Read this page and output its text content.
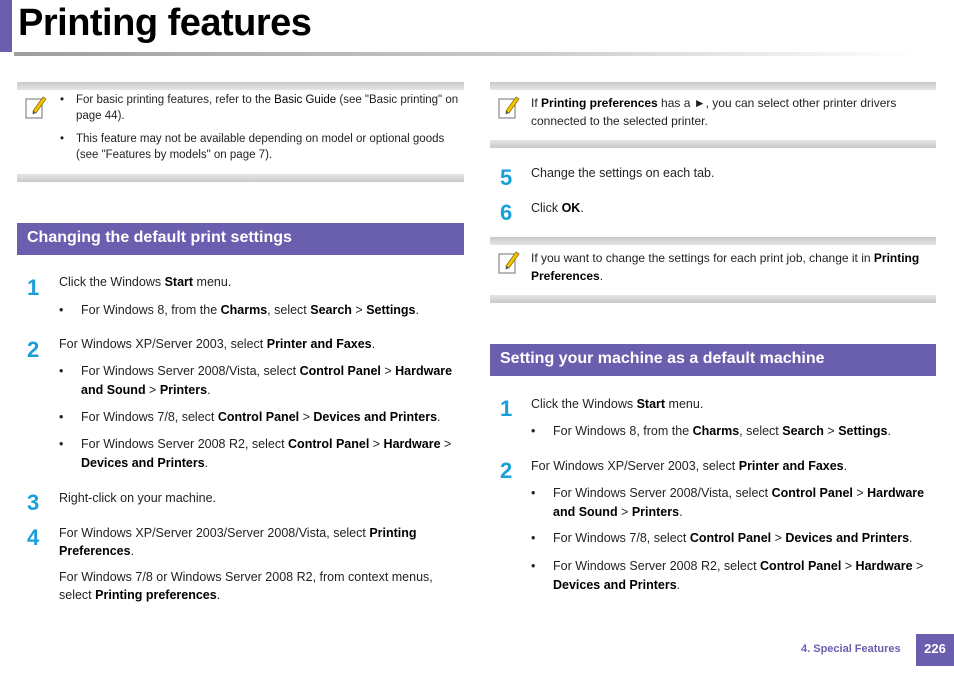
Printing features
• For basic printing features, refer to the Basic Guide (see "Basic printing" on page 44).
• This feature may not be available depending on model or optional goods (see "Features by models" on page 7).
Changing the default print settings
1 Click the Windows Start menu.
• For Windows 8, from the Charms, select Search > Settings.
2 For Windows XP/Server 2003, select Printer and Faxes.
• For Windows Server 2008/Vista, select Control Panel > Hardware and Sound > Printers.
• For Windows 7/8, select Control Panel > Devices and Printers.
• For Windows Server 2008 R2, select Control Panel > Hardware > Devices and Printers.
3 Right-click on your machine.
4 For Windows XP/Server 2003/Server 2008/Vista, select Printing Preferences.
For Windows 7/8 or Windows Server 2008 R2, from context menus, select Printing preferences.
If Printing preferences has a ►, you can select other printer drivers connected to the selected printer.
5 Change the settings on each tab.
6 Click OK.
If you want to change the settings for each print job, change it in Printing Preferences.
Setting your machine as a default machine
1 Click the Windows Start menu.
• For Windows 8, from the Charms, select Search > Settings.
2 For Windows XP/Server 2003, select Printer and Faxes.
• For Windows Server 2008/Vista, select Control Panel > Hardware and Sound > Printers.
• For Windows 7/8, select Control Panel > Devices and Printers.
• For Windows Server 2008 R2, select Control Panel > Hardware > Devices and Printers.
4. Special Features	226
